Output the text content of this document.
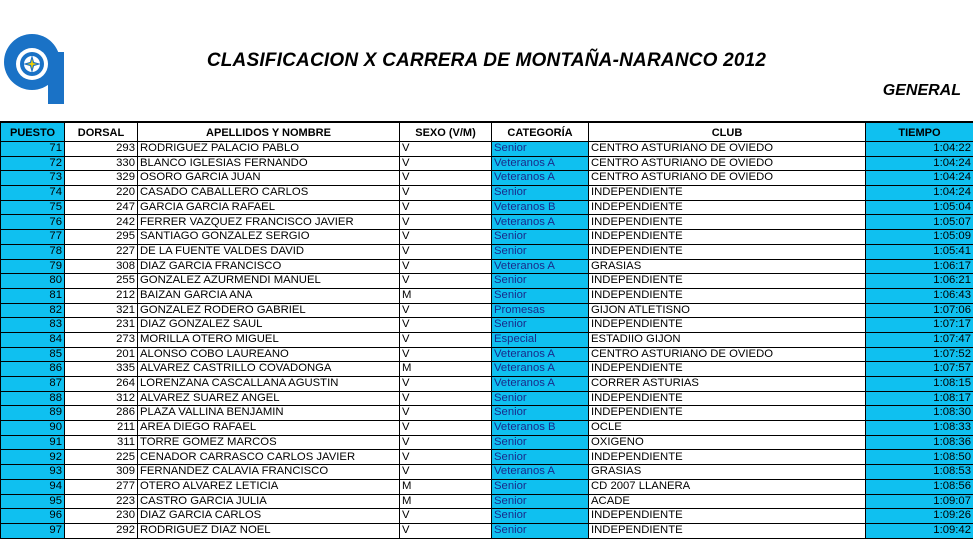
CLASIFICACION X CARRERA DE MONTAÑA-NARANCO 2012
GENERAL
PUESTO	DORSAL	APELLIDOS Y NOMBRE	SEXO (V/M)	CATEGORÍA	CLUB	TIEMPO
71	293	RODRIGUEZ PALACIO PABLO	V	Senior	CENTRO ASTURIANO DE OVIEDO	1:04:22
72	330	BLANCO IGLESIAS FERNANDO	V	Veteranos A	CENTRO ASTURIANO DE OVIEDO	1:04:24
73	329	OSORO GARCIA JUAN	V	Veteranos A	CENTRO ASTURIANO DE OVIEDO	1:04:24
74	220	CASADO CABALLERO CARLOS	V	Senior	INDEPENDIENTE	1:04:24
75	247	GARCIA GARCIA RAFAEL	V	Veteranos B	INDEPENDIENTE	1:05:04
76	242	FERRER VAZQUEZ FRANCISCO JAVIER	V	Veteranos A	INDEPENDIENTE	1:05:07
77	295	SANTIAGO GONZALEZ SERGIO	V	Senior	INDEPENDIENTE	1:05:09
78	227	DE LA FUENTE VALDES DAVID	V	Senior	INDEPENDIENTE	1:05:41
79	308	DIAZ GARCIA FRANCISCO	V	Veteranos A	GRASIAS	1:06:17
80	255	GONZALEZ AZURMENDI MANUEL	V	Senior	INDEPENDIENTE	1:06:21
81	212	BAIZAN GARCIA ANA	M	Senior	INDEPENDIENTE	1:06:43
82	321	GONZALEZ RODERO GABRIEL	V	Promesas	GIJON ATLETISNO	1:07:06
83	231	DIAZ GONZALEZ SAUL	V	Senior	INDEPENDIENTE	1:07:17
84	273	MORILLA OTERO MIGUEL	V	Especial	ESTADIIO GIJON	1:07:47
85	201	ALONSO COBO LAUREANO	V	Veteranos A	CENTRO ASTURIANO DE OVIEDO	1:07:52
86	335	ALVAREZ CASTRILLO COVADONGA	M	Veteranos A	INDEPENDIENTE	1:07:57
87	264	LORENZANA CASCALLANA AGUSTIN	V	Veteranos A	CORRER ASTURIAS	1:08:15
88	312	ALVAREZ SUAREZ ANGEL	V	Senior	INDEPENDIENTE	1:08:17
89	286	PLAZA VALLINA BENJAMIN	V	Senior	INDEPENDIENTE	1:08:30
90	211	AREA DIEGO RAFAEL	V	Veteranos B	OCLE	1:08:33
91	311	TORRE GOMEZ MARCOS	V	Senior	OXIGENO	1:08:36
92	225	CENADOR CARRASCO CARLOS JAVIER	V	Senior	INDEPENDIENTE	1:08:50
93	309	FERNANDEZ CALAVIA FRANCISCO	V	Veteranos A	GRASIAS	1:08:53
94	277	OTERO ALVAREZ LETICIA	M	Senior	CD 2007 LLANERA	1:08:56
95	223	CASTRO GARCIA JULIA	M	Senior	ACADE	1:09:07
96	230	DIAZ GARCIA CARLOS	V	Senior	INDEPENDIENTE	1:09:26
97	292	RODRIGUEZ DIAZ NOEL	V	Senior	INDEPENDIENTE	1:09:42
